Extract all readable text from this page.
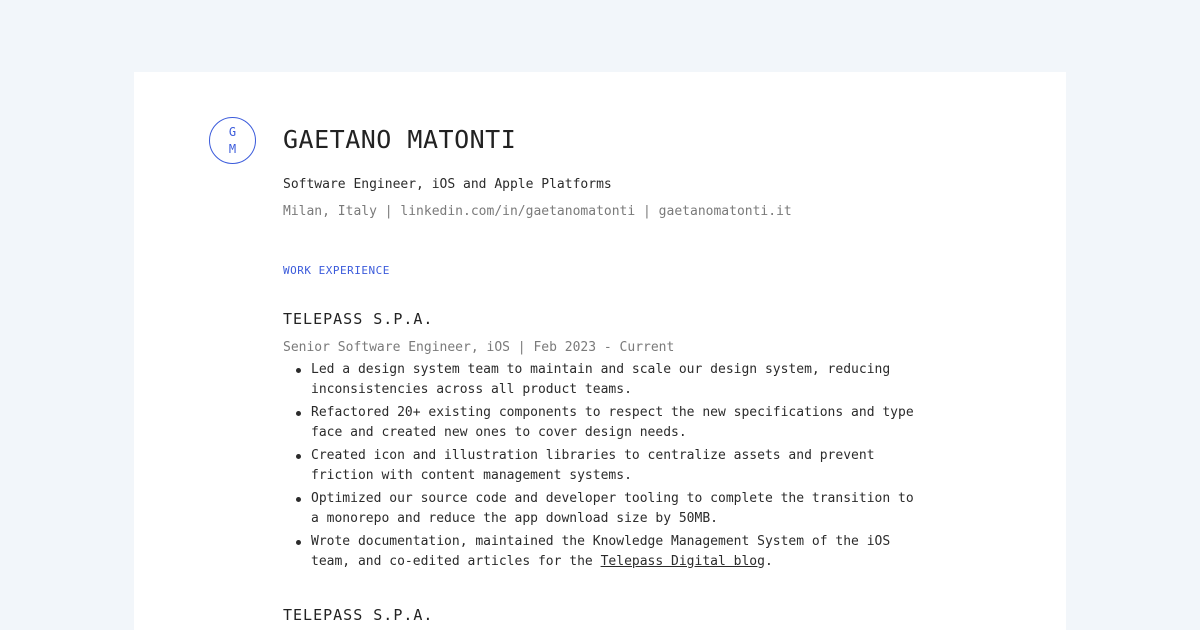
G
M GAETANO MATONTI
Software Engineer, iOS and Apple Platforms
Milan, Italy | linkedin.com/in/gaetanomatonti | gaetanomatonti.it
WORK EXPERIENCE
TELEPASS S.P.A.
Senior Software Engineer, iOS | Feb 2023 - Current
Led a design system team to maintain and scale our design system, reducing inconsistencies across all product teams.
Refactored 20+ existing components to respect the new specifications and type face and created new ones to cover design needs.
Created icon and illustration libraries to centralize assets and prevent friction with content management systems.
Optimized our source code and developer tooling to complete the transition to a monorepo and reduce the app download size by 50MB.
Wrote documentation, maintained the Knowledge Management System of the iOS team, and co-edited articles for the Telepass Digital blog.
TELEPASS S.P.A.
